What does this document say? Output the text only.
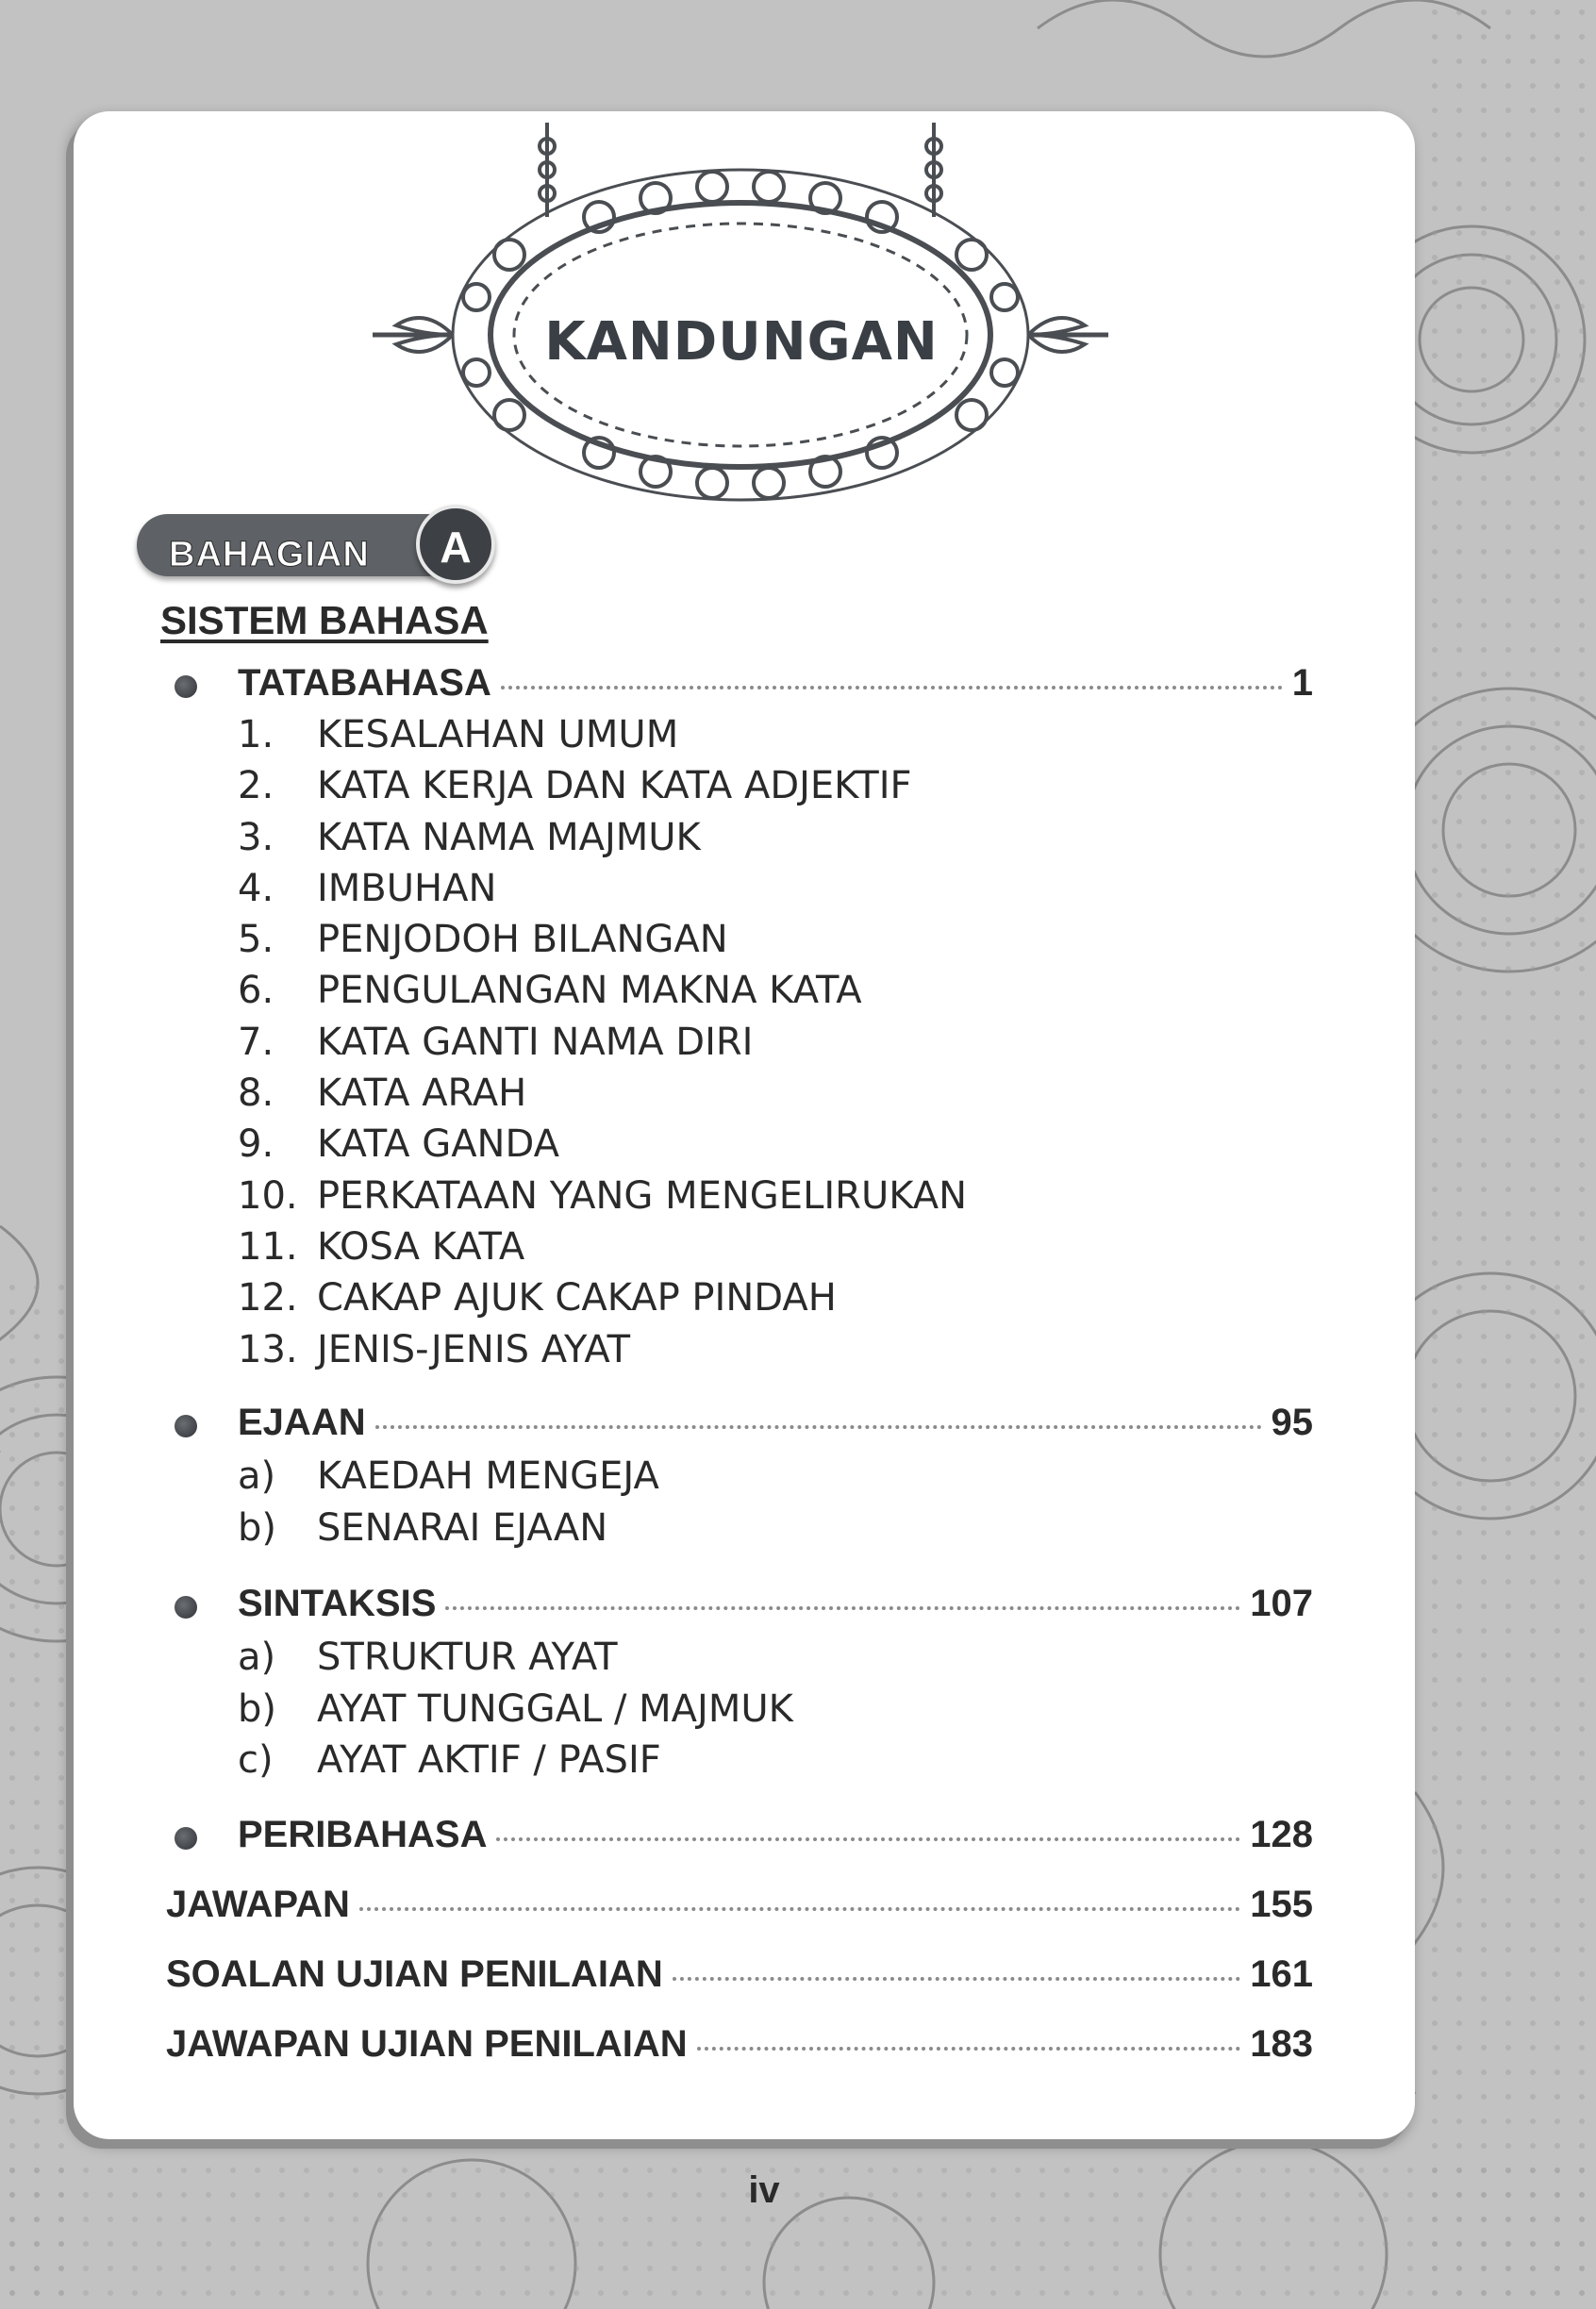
KANDUNGAN
BAHAGIAN	A
SISTEM BAHASA
TATABAHASA	1
1. KESALAHAN UMUM
2. KATA KERJA DAN KATA ADJEKTIF
3. KATA NAMA MAJMUK
4. IMBUHAN
5. PENJODOH BILANGAN
6. PENGULANGAN MAKNA KATA
7. KATA GANTI NAMA DIRI
8. KATA ARAH
9. KATA GANDA
10. PERKATAAN YANG MENGELIRUKAN
11. KOSA KATA
12. CAKAP AJUK CAKAP PINDAH
13. JENIS-JENIS AYAT
EJAAN	95
a) KAEDAH MENGEJA
b) SENARAI EJAAN
SINTAKSIS	107
a) STRUKTUR AYAT
b) AYAT TUNGGAL / MAJMUK
c) AYAT AKTIF / PASIF
PERIBAHASA	128
JAWAPAN	155
SOALAN UJIAN PENILAIAN	161
JAWAPAN UJIAN PENILAIAN	183
iv
